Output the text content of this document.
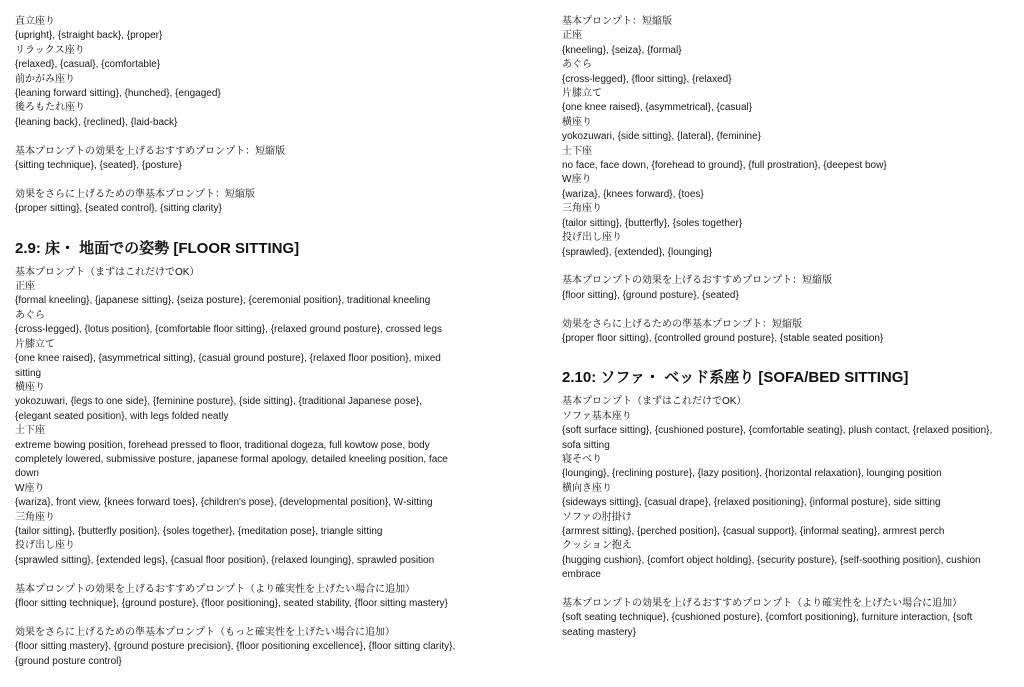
直立座り
{upright}, {straight back}, {proper}
リラックス座り
{relaxed}, {casual}, {comfortable}
前かがみ座り
{leaning forward sitting}, {hunched}, {engaged}
後ろもたれ座り
{leaning back}, {reclined}, {laid-back}
基本プロンプトの効果を上げるおすすめプロンプト：短縮版
{sitting technique}, {seated}, {posture}
効果をさらに上げるための準基本プロンプト：短縮版
{proper sitting}, {seated control}, {sitting clarity}
2.9: 床・ 地面での姿勢 [FLOOR SITTING]
基本プロンプト（まずはこれだけでOK）
正座
{formal kneeling}, {japanese sitting}, {seiza posture}, {ceremonial position}, traditional kneeling
あぐら
{cross-legged}, {lotus position}, {comfortable floor sitting}, {relaxed ground posture}, crossed legs
片膝立て
{one knee raised}, {asymmetrical sitting}, {casual ground posture}, {relaxed floor position}, mixed sitting
横座り
yokozuwari, {legs to one side}, {feminine posture}, {side sitting}, {traditional Japanese pose}, {elegant seated position}, with legs folded neatly
土下座
extreme bowing position, forehead pressed to floor, traditional dogeza, full kowtow pose, body completely lowered, submissive posture, japanese formal apology, detailed kneeling position, face down
W座り
{wariza}, front view, {knees forward toes}, {children's pose}, {developmental position}, W-sitting
三角座り
{tailor sitting}, {butterfly position}, {soles together}, {meditation pose}, triangle sitting
投げ出し座り
{sprawled sitting}, {extended legs}, {casual floor position}, {relaxed lounging}, sprawled position
基本プロンプトの効果を上げるおすすめプロンプト（より確実性を上げたい場合に追加）
{floor sitting technique}, {ground posture}, {floor positioning}, seated stability, {floor sitting mastery}
効果をさらに上げるための準基本プロンプト（もっと確実性を上げたい場合に追加）
{floor sitting mastery}, {ground posture precision}, {floor positioning excellence}, {floor sitting clarity}, {ground posture control}
基本プロンプト：短縮版
正座
{kneeling}, {seiza}, {formal}
あぐら
{cross-legged}, {floor sitting}, {relaxed}
片膝立て
{one knee raised}, {asymmetrical}, {casual}
横座り
yokozuwari, {side sitting}, {lateral}, {feminine}
土下座
no face, face down, {forehead to ground}, {full prostration}, {deepest bow}
W座り
{wariza}, {knees forward}, {toes}
三角座り
{tailor sitting}, {butterfly}, {soles together}
投げ出し座り
{sprawled}, {extended}, {lounging}
基本プロンプトの効果を上げるおすすめプロンプト：短縮版
{floor sitting}, {ground posture}, {seated}
効果をさらに上げるための準基本プロンプト：短縮版
{proper floor sitting}, {controlled ground posture}, {stable seated position}
2.10: ソファ・ ベッド系座り [SOFA/BED SITTING]
基本プロンプト（まずはこれだけでOK）
ソファ基本座り
{soft surface sitting}, {cushioned posture}, {comfortable seating}, plush contact, {relaxed position}, sofa sitting
寝そべり
{lounging}, {reclining posture}, {lazy position}, {horizontal relaxation}, lounging position
横向き座り
{sideways sitting}, {casual drape}, {relaxed positioning}, {informal posture}, side sitting
ソファの肘掛け
{armrest sitting}, {perched position}, {casual support}, {informal seating}, armrest perch
クッション抱え
{hugging cushion}, {comfort object holding}, {security posture}, {self-soothing position}, cushion embrace
基本プロンプトの効果を上げるおすすめプロンプト（より確実性を上げたい場合に追加）
{soft seating technique}, {cushioned posture}, {comfort positioning}, furniture interaction, {soft seating mastery}
